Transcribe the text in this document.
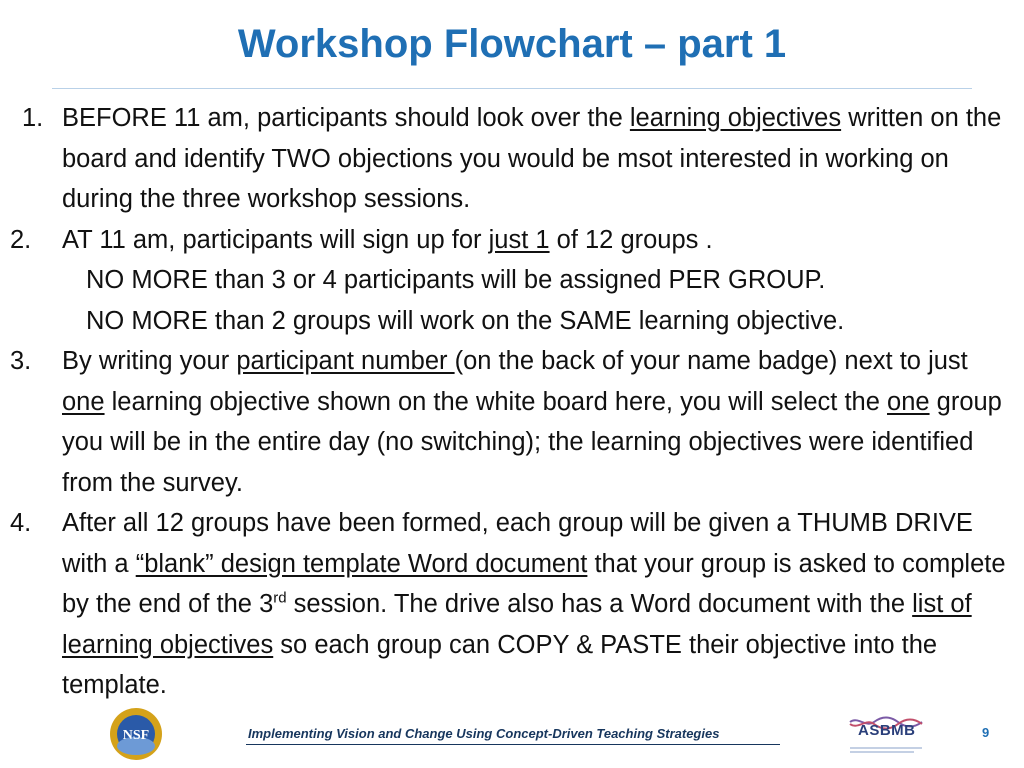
Workshop Flowchart – part 1
1. BEFORE 11 am, participants should look over the learning objectives written on the board and identify TWO objections you would be msot interested in working on during the three workshop sessions.
2. AT 11 am, participants will sign up for just 1 of 12 groups .
NO MORE than 3 or 4 participants will be assigned PER GROUP.
NO MORE than 2 groups will work on the SAME learning objective.
3. By writing your participant number (on the back of your name badge) next to just one learning objective shown on the white board here, you will select the one group you will be in the entire day (no switching); the learning objectives were identified from the survey.
4. After all 12 groups have been formed, each group will be given a THUMB DRIVE with a “blank” design template Word document that your group is asked to complete by the end of the 3rd session. The drive also has a Word document with the list of learning objectives so each group can COPY & PASTE their objective into the template.
NSF	Implementing Vision and Change Using Concept-Driven Teaching Strategies	ASBMB	9
